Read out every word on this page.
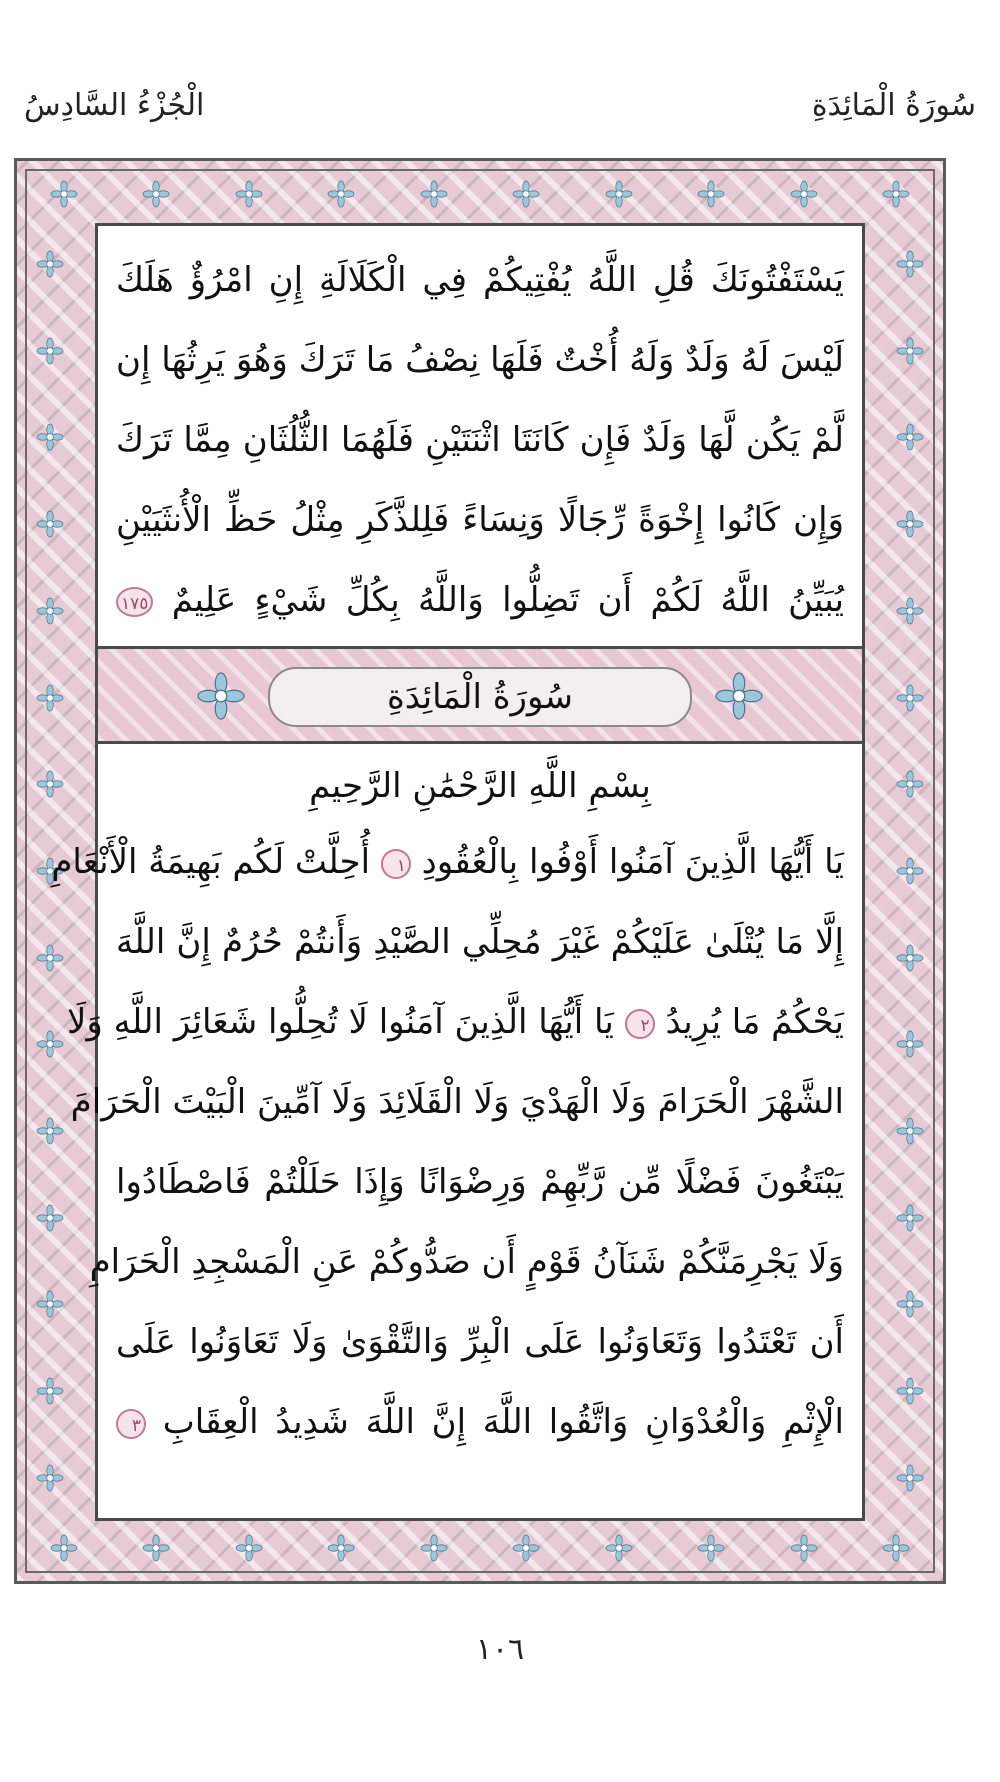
الْجُزْءُ السَّادِسُ	سُورَةُ الْمَائِدَةِ
يَسْتَفْتُونَكَ قُلِ اللَّهُ يُفْتِيكُمْ فِي الْكَلَالَةِ إِنِ امْرُؤٌ هَلَكَ
لَيْسَ لَهُ وَلَدٌ وَلَهُ أُخْتٌ فَلَهَا نِصْفُ مَا تَرَكَ وَهُوَ يَرِثُهَا إِن
لَّمْ يَكُن لَّهَا وَلَدٌ فَإِن كَانَتَا اثْنَتَيْنِ فَلَهُمَا الثُّلُثَانِ مِمَّا تَرَكَ
وَإِن كَانُوا إِخْوَةً رِّجَالًا وَنِسَاءً فَلِلذَّكَرِ مِثْلُ حَظِّ الْأُنثَيَيْنِ
يُبَيِّنُ اللَّهُ لَكُمْ أَن تَضِلُّوا وَاللَّهُ بِكُلِّ شَيْءٍ عَلِيمٌ ١٧٥
سُورَةُ الْمَائِدَةِ
بِسْمِ اللَّهِ الرَّحْمَٰنِ الرَّحِيمِ
يَا أَيُّهَا الَّذِينَ آمَنُوا أَوْفُوا بِالْعُقُودِ ١ أُحِلَّتْ لَكُم بَهِيمَةُ الْأَنْعَامِ
إِلَّا مَا يُتْلَىٰ عَلَيْكُمْ غَيْرَ مُحِلِّي الصَّيْدِ وَأَنتُمْ حُرُمٌ إِنَّ اللَّهَ
يَحْكُمُ مَا يُرِيدُ ٢ يَا أَيُّهَا الَّذِينَ آمَنُوا لَا تُحِلُّوا شَعَائِرَ اللَّهِ وَلَا
الشَّهْرَ الْحَرَامَ وَلَا الْهَدْيَ وَلَا الْقَلَائِدَ وَلَا آمِّينَ الْبَيْتَ الْحَرَامَ
يَبْتَغُونَ فَضْلًا مِّن رَّبِّهِمْ وَرِضْوَانًا وَإِذَا حَلَلْتُمْ فَاصْطَادُوا
وَلَا يَجْرِمَنَّكُمْ شَنَآنُ قَوْمٍ أَن صَدُّوكُمْ عَنِ الْمَسْجِدِ الْحَرَامِ
أَن تَعْتَدُوا وَتَعَاوَنُوا عَلَى الْبِرِّ وَالتَّقْوَىٰ وَلَا تَعَاوَنُوا عَلَى
الْإِثْمِ وَالْعُدْوَانِ وَاتَّقُوا اللَّهَ إِنَّ اللَّهَ شَدِيدُ الْعِقَابِ ٣
١٠٦
